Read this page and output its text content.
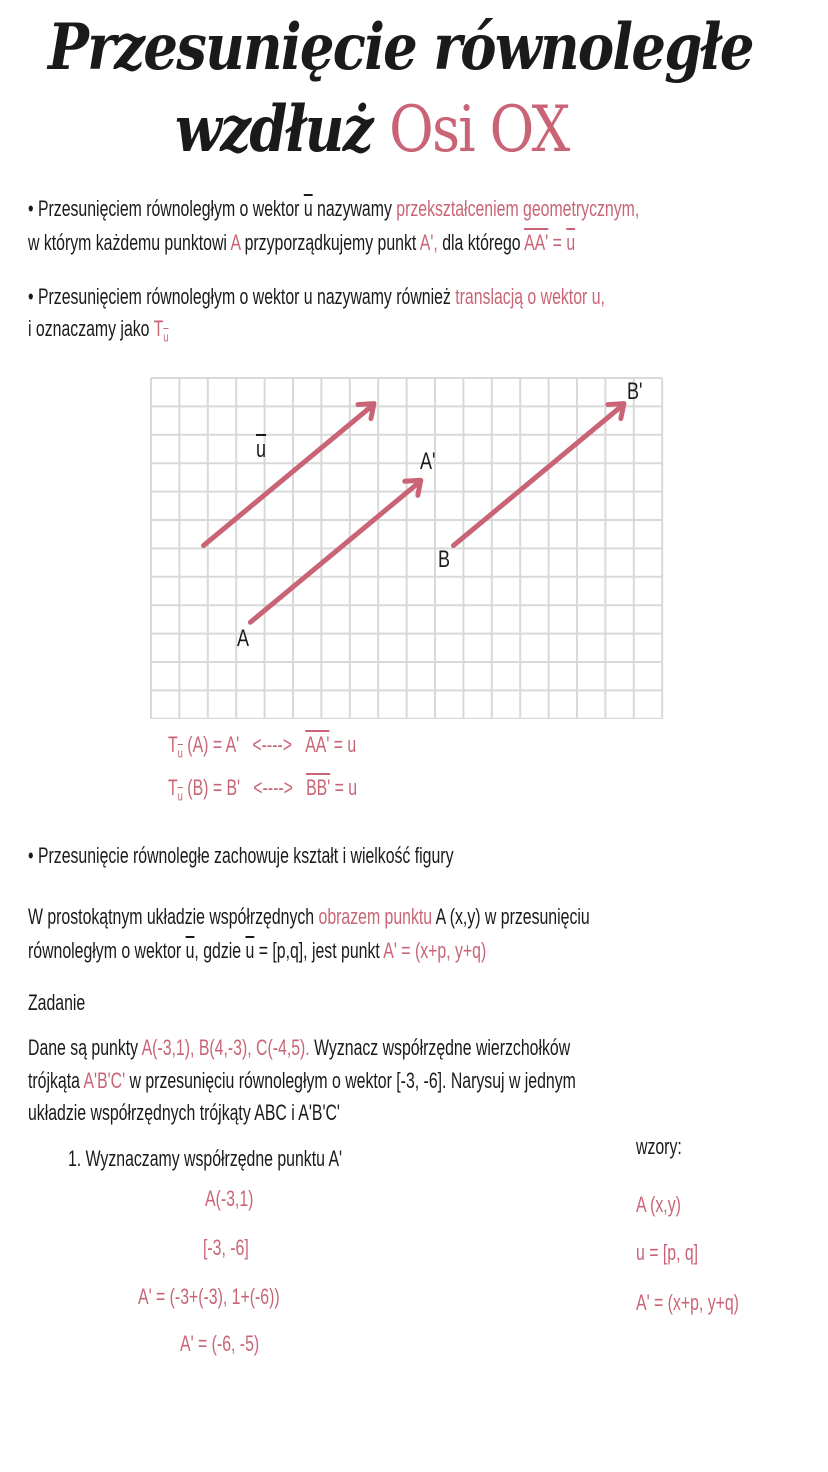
Przesunięcie równoległe
wzdłuż Osi OX
• Przesunięciem równoległym o wektor $\overline{u}$ nazywamy przekształceniem geometrycznym,
w którym każdemu punktowi A przyporządkujemy punkt A', dla którego $AA' = \overline{u}$
• Przesunięciem równoległym o wektor u nazywamy również translacją o wektor u,
i oznaczamy jako $T_{\overline{u}}$
$\overline{u}$	A'
B
B'
A
$T_{\overline{u}}$ (A) = A' <----> AA' = u
$T_{\overline{u}}$ (B) = B' <----> BB' = u
• Przesunięcie równoległe zachowuje kształt i wielkość figury
W prostokątnym układzie współrzędnych obrazem punktu A (x,y) w przesunięciu
równoległym o wektor $\overline{u}$, gdzie $\overline{u} = [p,q]$, jest punkt A' = (x+p, y+q)
Zadanie
Dane są punkty A(-3,1), B(4,-3), C(-4,5). Wyznacz współrzędne wierzchołków
trójkąta A'B'C' w przesunięciu równoległym o wektor [-3, -6]. Narysuj w jednym
układzie współrzędnych trójkąty ABC i A'B'C'
1. Wyznaczamy współrzędne punktu A'
A(-3,1)
[-3, -6]
A' = (-3+(-3), 1+(-6))
A' = (-6, -5)
wzory:
A (x,y)
u = [p, q]
A' = (x+p, y+q)
